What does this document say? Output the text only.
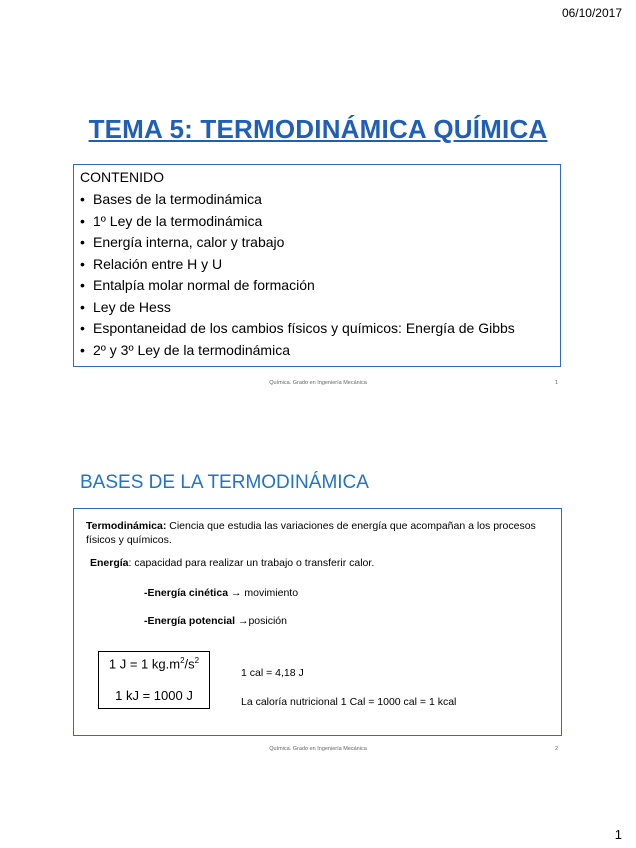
06/10/2017
TEMA 5: TERMODINÁMICA QUÍMICA
CONTENIDO
• Bases de la termodinámica
• 1º Ley de la termodinámica
• Energía interna, calor y trabajo
• Relación entre H y U
• Entalpía molar normal de formación
• Ley de Hess
• Espontaneidad de los cambios físicos y químicos: Energía de Gibbs
• 2º y 3º Ley de la termodinámica
Química. Grado en Ingeniería Mecánica	1
BASES DE LA TERMODINÁMICA
Termodinámica: Ciencia que estudia las variaciones de energía que acompañan a los procesos físicos y químicos.
Energía: capacidad para realizar un trabajo o transferir calor.
-Energía cinética → movimiento
-Energía potencial →posición
1 J = 1 $kg.m^2/s^2$
1 kJ = 1000 J
1 cal = 4,18 J
La caloría nutricional 1 Cal = 1000 cal = 1 kcal
Química. Grado en Ingeniería Mecánica	2
1
